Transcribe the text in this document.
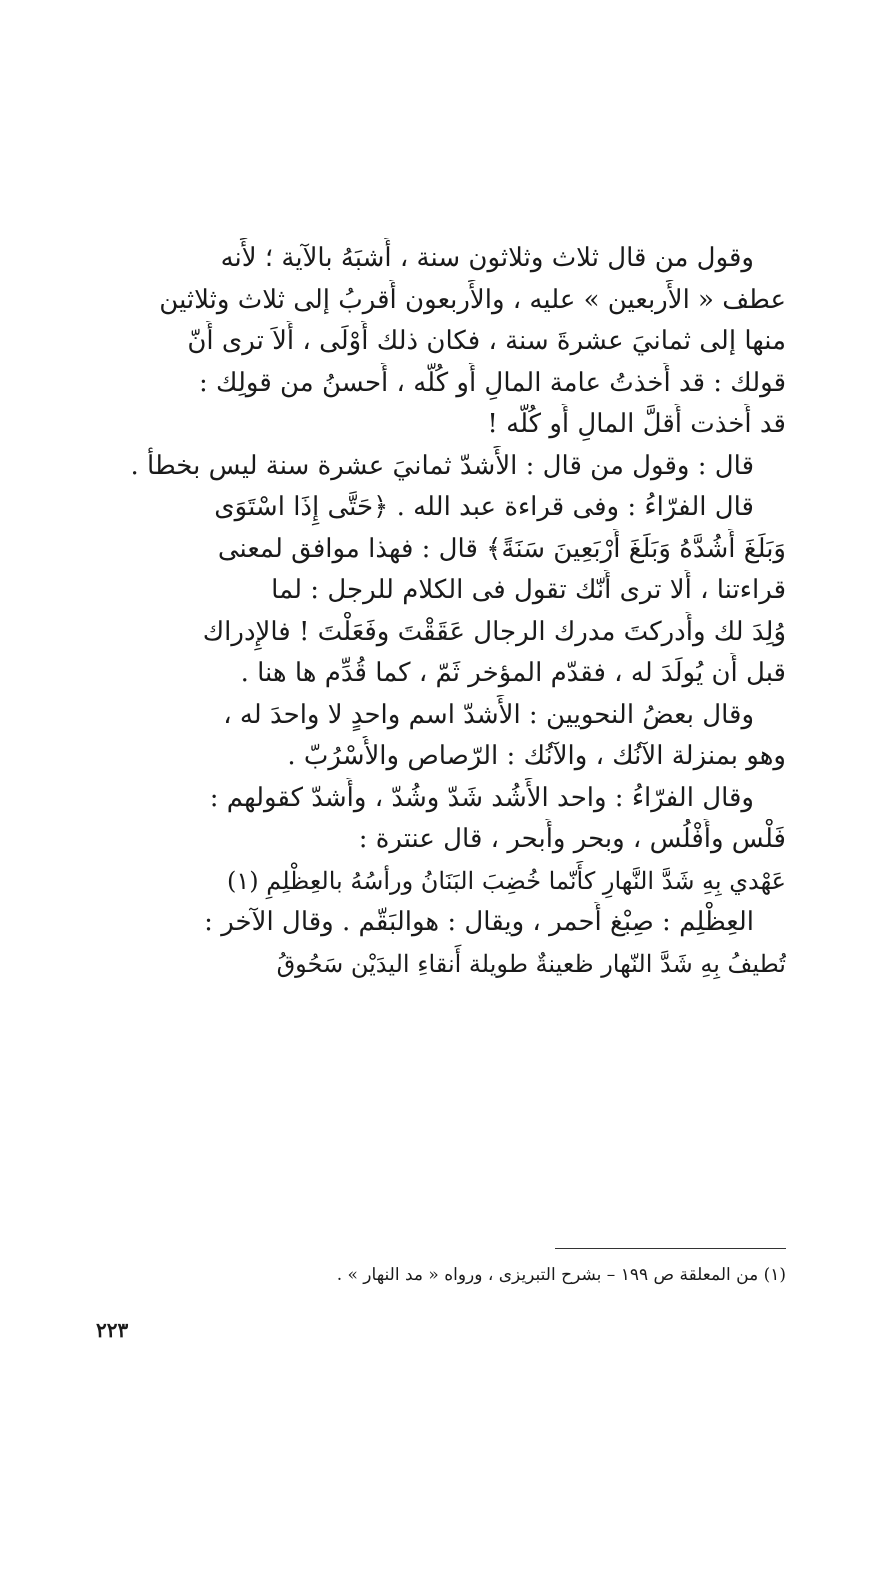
وقول من قال ثلاث وثلاثون سنة ، أَشبَهُ بالآية ؛ لأَنه
عطف « الأَربعين » عليه ، والأَربعون أَقربُ إلى ثلاث وثلاثين
منها إلى ثمانيَ عشرةَ سنة ، فكان ذلك أَوْلَى ، أَلاَ ترى أَنّ
قولك : قد أَخذتُ عامة المالِ أَو كُلَّه ، أَحسنُ من قولِك :
قد أَخذت أَقلَّ المالِ أَو كُلَّه !
قال : وقول من قال : الأَشدّ ثمانيَ عشرة سنة ليس بخطأ .
قال الفرّاءُ : وفى قراءة عبد الله . ﴿حَتَّى إِذَا اسْتَوَى
وَبَلَغَ أَشُدَّهُ وَبَلَغَ أَرْبَعِينَ سَنَةً﴾ قال : فهذا موافق لمعنى
قراءتنا ، أَلا ترى أَنّك تقول فى الكلام للرجل : لما
وُلِدَ لك وأَدركتَ مدرك الرجال عَقَقْتَ وفَعَلْتَ ! فالإِدراك
قبل أَن يُولَدَ له ، فقدّم المؤخر ثَمّ ، كما قُدِّم ها هنا .
وقال بعضُ النحويين : الأَشدّ اسم واحدٍ لا واحدَ له ،
وهو بمنزلة الآنُك ، والآنُك : الرّصاص والأُسْرُبّ .
وقال الفرّاءُ : واحد الأَشُد شَدّ وشُدّ ، وأَشدّ كقولهم :
فَلْس وأَفْلُس ، وبحر وأَبحر ، قال عنترة :
عَهْدي بِهِ شَدَّ النَّهارِ كأَنّما خُضِبَ البَنَانُ ورأسُهُ بالعِظْلِمِ (١)
العِظْلِم : صِبْغ أَحمر ، ويقال : هوالبَقّم . وقال الآخر :
تُطيفُ بِهِ شَدَّ النّهار ظعينةٌ طويلة أَنقاءِ اليدَيْن سَحُوقُ
(١) من المعلقة ص ١٩٩ – بشرح التبريزى ، ورواه « مد النهار » .
٢٢٣
